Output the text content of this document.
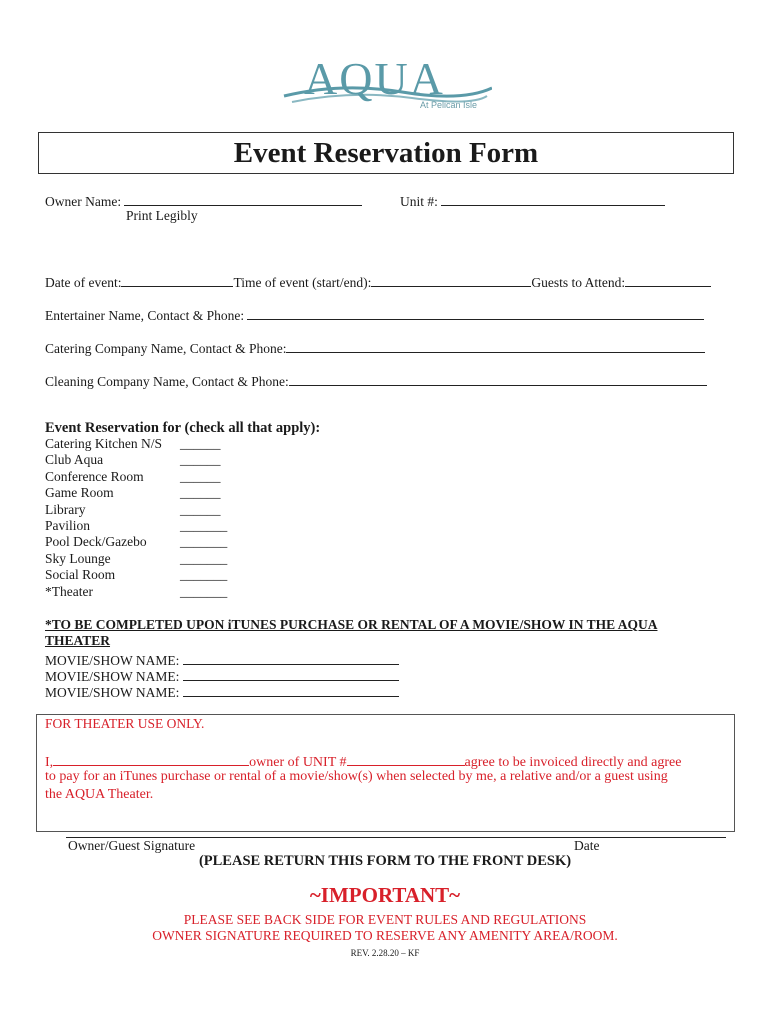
AQUA
At Pelican Isle
Event Reservation Form
Owner Name:
Print Legibly
Unit #:
Date of event:	Time of event (start/end):	Guests to Attend:
Entertainer Name, Contact & Phone:
Catering Company Name, Contact & Phone:
Cleaning Company Name, Contact & Phone:
Event Reservation for (check all that apply):
Catering Kitchen N/S	______
Club Aqua	______
Conference Room	______
Game Room	______
Library	______
Pavilion	_______
Pool Deck/Gazebo	_______
Sky Lounge	_______
Social Room	_______
*Theater	_______
*TO BE COMPLETED UPON iTUNES PURCHASE OR RENTAL OF A MOVIE/SHOW IN THE AQUA
THEATER
MOVIE/SHOW NAME:
MOVIE/SHOW NAME:
MOVIE/SHOW NAME:
FOR THEATER USE ONLY.
I,	owner of UNIT #	agree to be invoiced directly and agree
to pay for an iTunes purchase or rental of a movie/show(s) when selected by me, a relative and/or a guest using
the AQUA Theater.
Owner/Guest Signature	Date
(PLEASE RETURN THIS FORM TO THE FRONT DESK)
~IMPORTANT~
PLEASE SEE BACK SIDE FOR EVENT RULES AND REGULATIONS
OWNER SIGNATURE REQUIRED TO RESERVE ANY AMENITY AREA/ROOM.
REV. 2.28.20 – KF
